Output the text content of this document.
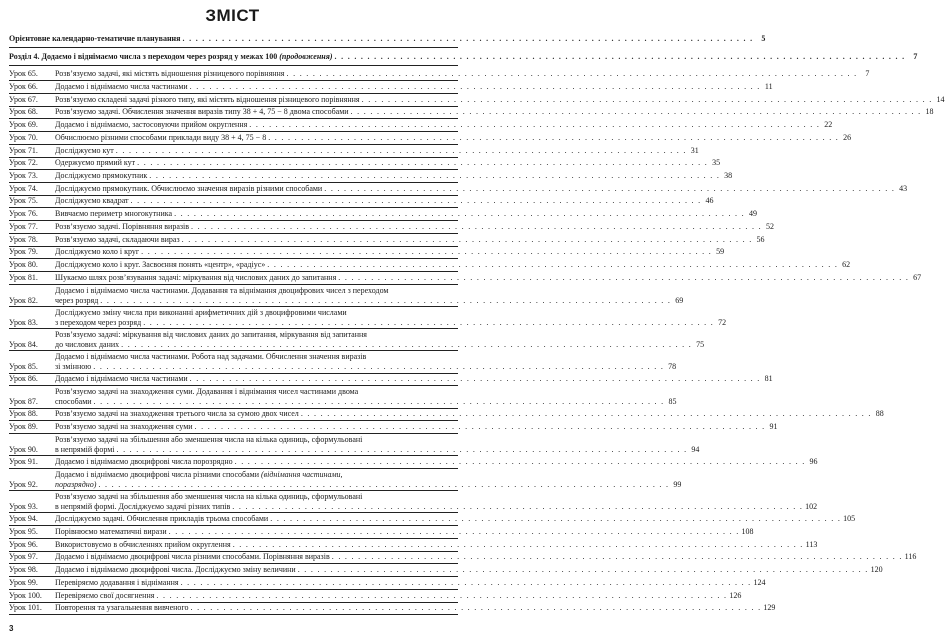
ЗМІСТ
Орієнтовне календарно-тематичне планування . . . . . . . . . . . . . . . . . . . . . . . . . . . . . . . . . . . . . . . . . . . . . . . . . . . . . . . . . . . . . . . . . . . . . . . . . . . . . . . . . . . . . . .	5
Розділ 4. Додаємо і віднімаємо числа з переходом через розряд у межах 100 (продовження) . . . . . . . . . . . . . . . . . . . . . . . . . . . . . . . . . . . . . . . . . . . . . . . . . . . . . . . . . . . . . . . . . . . . . . . . . . . . . . . . . . . . . . .	7
Урок 65.	Розв’язуємо задачі, які містять відношення різницевого порівняння . . . . . . . . . . . . . . . . . . . . . . . . . . . . . . . . . . . . . . . . . . . . . . . . . . . . . . . . . . . . . . . . . . . . . . . . . . . . . . . . . . . . . . .	7
Урок 66.	Додаємо і віднімаємо числа частинами . . . . . . . . . . . . . . . . . . . . . . . . . . . . . . . . . . . . . . . . . . . . . . . . . . . . . . . . . . . . . . . . . . . . . . . . . . . . . . . . . . . . . . . 11
Урок 67.	Розв’язуємо складені задачі різного типу, які містять відношення різницевого порівняння . . . . . . . . . . . . . . . . . . . . . . . . . . . . . . . . . . . . . . . . . . . . . . . . . . . . . . . . . . . . . . . . . . . . . . . . . . . . . . . . . . . . . . . 14
Урок 68.	Розв’язуємо задачі. Обчислення значення виразів типу 38 + 4, 75 − 8 двома способами . . . . . . . . . . . . . . . . . . . . . . . . . . . . . . . . . . . . . . . . . . . . . . . . . . . . . . . . . . . . . . . . . . . . . . . . . . . . . . . . . . . . . . . 18
Урок 69.	Додаємо і віднімаємо, застосовуючи прийом округлення . . . . . . . . . . . . . . . . . . . . . . . . . . . . . . . . . . . . . . . . . . . . . . . . . . . . . . . . . . . . . . . . . . . . . . . . . . . . . . . . . . . . . . . 22
Урок 70.	Обчислюємо різними способами приклади виду 38 + 4, 75 − 8 . . . . . . . . . . . . . . . . . . . . . . . . . . . . . . . . . . . . . . . . . . . . . . . . . . . . . . . . . . . . . . . . . . . . . . . . . . . . . . . . . . . . . . . 26
Урок 71.	Досліджуємо кут . . . . . . . . . . . . . . . . . . . . . . . . . . . . . . . . . . . . . . . . . . . . . . . . . . . . . . . . . . . . . . . . . . . . . . . . . . . . . . . . . . . . . . . 31
Урок 72.	Одержуємо прямий кут . . . . . . . . . . . . . . . . . . . . . . . . . . . . . . . . . . . . . . . . . . . . . . . . . . . . . . . . . . . . . . . . . . . . . . . . . . . . . . . . . . . . . . . 35
Урок 73.	Досліджуємо прямокутник . . . . . . . . . . . . . . . . . . . . . . . . . . . . . . . . . . . . . . . . . . . . . . . . . . . . . . . . . . . . . . . . . . . . . . . . . . . . . . . . . . . . . . . 38
Урок 74.	Досліджуємо прямокутник. Обчислюємо значення виразів різними способами . . . . . . . . . . . . . . . . . . . . . . . . . . . . . . . . . . . . . . . . . . . . . . . . . . . . . . . . . . . . . . . . . . . . . . . . . . . . . . . . . . . . . . . 43
Урок 75.	Досліджуємо квадрат . . . . . . . . . . . . . . . . . . . . . . . . . . . . . . . . . . . . . . . . . . . . . . . . . . . . . . . . . . . . . . . . . . . . . . . . . . . . . . . . . . . . . . . 46
Урок 76.	Вивчаємо периметр многокутника . . . . . . . . . . . . . . . . . . . . . . . . . . . . . . . . . . . . . . . . . . . . . . . . . . . . . . . . . . . . . . . . . . . . . . . . . . . . . . . . . . . . . . . 49
Урок 77.	Розв’язуємо задачі. Порівняння виразів . . . . . . . . . . . . . . . . . . . . . . . . . . . . . . . . . . . . . . . . . . . . . . . . . . . . . . . . . . . . . . . . . . . . . . . . . . . . . . . . . . . . . . . 52
Урок 78.	Розв’язуємо задачі, складаючи вираз . . . . . . . . . . . . . . . . . . . . . . . . . . . . . . . . . . . . . . . . . . . . . . . . . . . . . . . . . . . . . . . . . . . . . . . . . . . . . . . . . . . . . . . 56
Урок 79.	Досліджуємо коло і круг . . . . . . . . . . . . . . . . . . . . . . . . . . . . . . . . . . . . . . . . . . . . . . . . . . . . . . . . . . . . . . . . . . . . . . . . . . . . . . . . . . . . . . . 59
Урок 80.	Досліджуємо коло і круг. Засвоєння понять «центр», «радіус» . . . . . . . . . . . . . . . . . . . . . . . . . . . . . . . . . . . . . . . . . . . . . . . . . . . . . . . . . . . . . . . . . . . . . . . . . . . . . . . . . . . . . . . 62
Урок 81.	Шукаємо шлях розв’язування задачі: міркування від числових даних до запитання . . . . . . . . . . . . . . . . . . . . . . . . . . . . . . . . . . . . . . . . . . . . . . . . . . . . . . . . . . . . . . . . . . . . . . . . . . . . . . . . . . . . . . . 67
Урок 82.
Додаємо і віднімаємо числа частинами. Додавання та віднімання двоцифрових чисел з переходом
через розряд . . . . . . . . . . . . . . . . . . . . . . . . . . . . . . . . . . . . . . . . . . . . . . . . . . . . . . . . . . . . . . . . . . . . . . . . . . . . . . . . . . . . . . . 69
Урок 83.
Досліджуємо зміну числа при виконанні арифметичних дій з двоцифровими числами
з переходом через розряд . . . . . . . . . . . . . . . . . . . . . . . . . . . . . . . . . . . . . . . . . . . . . . . . . . . . . . . . . . . . . . . . . . . . . . . . . . . . . . . . . . . . . . . 72
Урок 84.
Розв’язуємо задачі: міркування від числових даних до запитання, міркування від запитання
до числових даних . . . . . . . . . . . . . . . . . . . . . . . . . . . . . . . . . . . . . . . . . . . . . . . . . . . . . . . . . . . . . . . . . . . . . . . . . . . . . . . . . . . . . . . 75
Урок 85.
Додаємо і віднімаємо числа частинами. Робота над задачами. Обчислення значення виразів
зі змінною . . . . . . . . . . . . . . . . . . . . . . . . . . . . . . . . . . . . . . . . . . . . . . . . . . . . . . . . . . . . . . . . . . . . . . . . . . . . . . . . . . . . . . . 78
Урок 86.	Додаємо і віднімаємо числа частинами . . . . . . . . . . . . . . . . . . . . . . . . . . . . . . . . . . . . . . . . . . . . . . . . . . . . . . . . . . . . . . . . . . . . . . . . . . . . . . . . . . . . . . . 81
Урок 87.
Розв’язуємо задачі на знаходження суми. Додавання і віднімання чисел частинами двома
способами . . . . . . . . . . . . . . . . . . . . . . . . . . . . . . . . . . . . . . . . . . . . . . . . . . . . . . . . . . . . . . . . . . . . . . . . . . . . . . . . . . . . . . . 85
Урок 88.	Розв’язуємо задачі на знаходження третього числа за сумою двох чисел . . . . . . . . . . . . . . . . . . . . . . . . . . . . . . . . . . . . . . . . . . . . . . . . . . . . . . . . . . . . . . . . . . . . . . . . . . . . . . . . . . . . . . . 88
Урок 89.	Розв’язуємо задачі на знаходження суми . . . . . . . . . . . . . . . . . . . . . . . . . . . . . . . . . . . . . . . . . . . . . . . . . . . . . . . . . . . . . . . . . . . . . . . . . . . . . . . . . . . . . . . 91
Урок 90.
Розв’язуємо задачі на збільшення або зменшення числа на кілька одиниць, сформульовані
в непрямій формі . . . . . . . . . . . . . . . . . . . . . . . . . . . . . . . . . . . . . . . . . . . . . . . . . . . . . . . . . . . . . . . . . . . . . . . . . . . . . . . . . . . . . . . 94
Урок 91.	Додаємо і віднімаємо двоцифрові числа порозрядно . . . . . . . . . . . . . . . . . . . . . . . . . . . . . . . . . . . . . . . . . . . . . . . . . . . . . . . . . . . . . . . . . . . . . . . . . . . . . . . . . . . . . . . 96
Урок 92.
Додаємо і віднімаємо двоцифрові числа різними способами (віднімання частинами,
поразрядно) . . . . . . . . . . . . . . . . . . . . . . . . . . . . . . . . . . . . . . . . . . . . . . . . . . . . . . . . . . . . . . . . . . . . . . . . . . . . . . . . . . . . . . . 99
Урок 93.
Розв’язуємо задачі на збільшення або зменшення числа на кілька одиниць, сформульовані
в непрямій формі. Досліджуємо задачі різних типів . . . . . . . . . . . . . . . . . . . . . . . . . . . . . . . . . . . . . . . . . . . . . . . . . . . . . . . . . . . . . . . . . . . . . . . . . . . . . . . . . . . . . . . 102
Урок 94.	Досліджуємо задачі. Обчислення прикладів трьома способами . . . . . . . . . . . . . . . . . . . . . . . . . . . . . . . . . . . . . . . . . . . . . . . . . . . . . . . . . . . . . . . . . . . . . . . . . . . . . . . . . . . . . . . 105
Урок 95.	Порівнюємо математичні вирази . . . . . . . . . . . . . . . . . . . . . . . . . . . . . . . . . . . . . . . . . . . . . . . . . . . . . . . . . . . . . . . . . . . . . . . . . . . . . . . . . . . . . . . 108
Урок 96.	Використовуємо в обчисленнях прийом округлення . . . . . . . . . . . . . . . . . . . . . . . . . . . . . . . . . . . . . . . . . . . . . . . . . . . . . . . . . . . . . . . . . . . . . . . . . . . . . . . . . . . . . . . 113
Урок 97.	Додаємо і віднімаємо двоцифрові числа різними способами. Порівняння виразів . . . . . . . . . . . . . . . . . . . . . . . . . . . . . . . . . . . . . . . . . . . . . . . . . . . . . . . . . . . . . . . . . . . . . . . . . . . . . . . . . . . . . . . 116
Урок 98.	Додаємо і віднімаємо двоцифрові числа. Досліджуємо зміну величини . . . . . . . . . . . . . . . . . . . . . . . . . . . . . . . . . . . . . . . . . . . . . . . . . . . . . . . . . . . . . . . . . . . . . . . . . . . . . . . . . . . . . . . 120
Урок 99.	Перевіряємо додавання і віднімання . . . . . . . . . . . . . . . . . . . . . . . . . . . . . . . . . . . . . . . . . . . . . . . . . . . . . . . . . . . . . . . . . . . . . . . . . . . . . . . . . . . . . . . 124
Урок 100.	Перевіряємо свої досягнення . . . . . . . . . . . . . . . . . . . . . . . . . . . . . . . . . . . . . . . . . . . . . . . . . . . . . . . . . . . . . . . . . . . . . . . . . . . . . . . . . . . . . . . 126
Урок 101.	Повторення та узагальнення вивченого . . . . . . . . . . . . . . . . . . . . . . . . . . . . . . . . . . . . . . . . . . . . . . . . . . . . . . . . . . . . . . . . . . . . . . . . . . . . . . . . . . . . . . . 129
3
